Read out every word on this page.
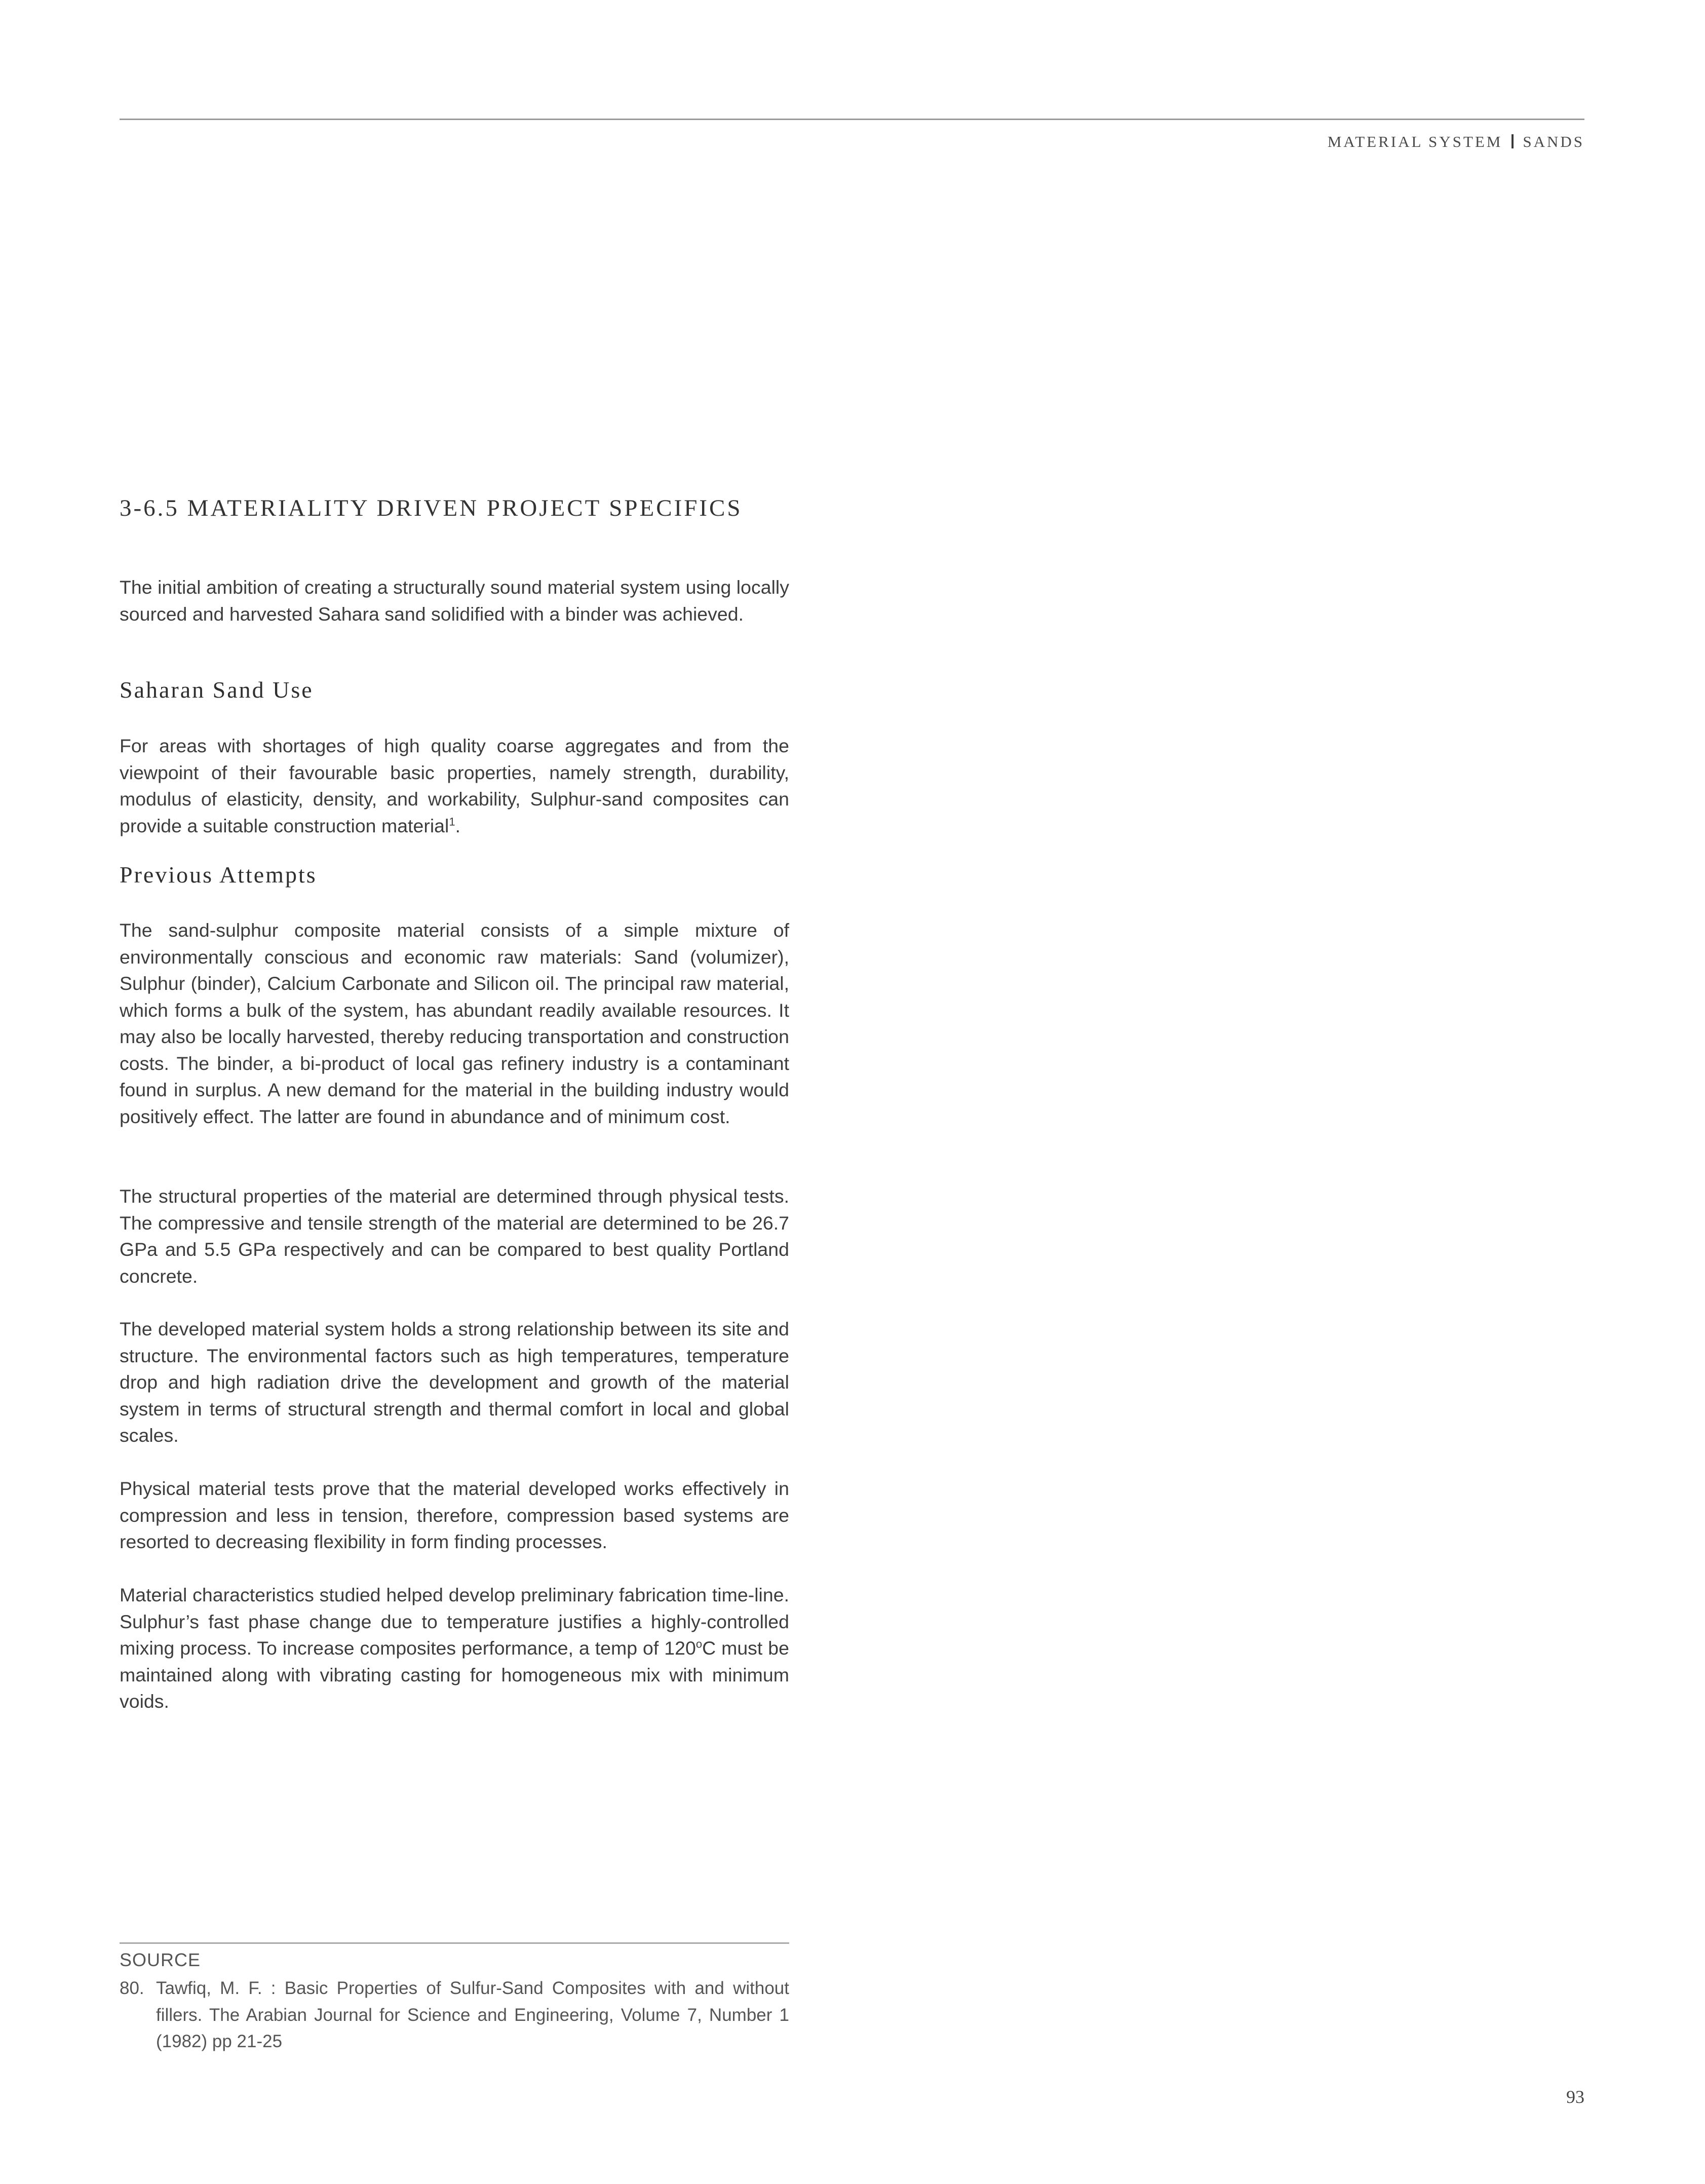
MATERIAL SYSTEM SANDS
3-6.5 MATERIALITY DRIVEN PROJECT SPECIFICS

The initial ambition of creating a structurally sound material system using locally sourced and harvested Sahara sand solidified with a binder was achieved.

Saharan Sand Use

For areas with shortages of high quality coarse aggregates and from the viewpoint of their favourable basic properties, namely strength, durability, modulus of elasticity, density, and workability, Sulphur-sand composites can provide a suitable construction material$^1$.

Previous Attempts

The sand-sulphur composite material consists of a simple mixture of environmentally conscious and economic raw materials: Sand (volumizer), Sulphur (binder), Calcium Carbonate and Silicon oil. The principal raw material, which forms a bulk of the system, has abundant readily available resources. It may also be locally harvested, thereby reducing transportation and construction costs. The binder, a bi-product of local gas refinery industry is a contaminant found in surplus. A new demand for the material in the building industry would positively effect. The latter are found in abundance and of minimum cost.

The structural properties of the material are determined through physical tests. The compressive and tensile strength of the material are determined to be 26.7 GPa and 5.5 GPa respectively and can be compared to best quality Portland concrete.

The developed material system holds a strong relationship between its site and structure. The environmental factors such as high temperatures, temperature drop and high radiation drive the development and growth of the material system in terms of structural strength and thermal comfort in local and global scales.

Physical material tests prove that the material developed works effectively in compression and less in tension, therefore, compression based systems are resorted to decreasing flexibility in form finding processes.

Material characteristics studied helped develop preliminary fabrication time-line. Sulphur’s fast phase change due to temperature justifies a highly-controlled mixing process. To increase composites performance, a temp of 120$^o$C must be maintained along with vibrating casting for homogeneous mix with minimum voids.

SOURCE
80. Tawfiq, M. F. : Basic Properties of Sulfur-Sand Composites with and without fillers. The Arabian Journal for Science and Engineering, Volume 7, Number 1 (1982) pp 21-25
93
